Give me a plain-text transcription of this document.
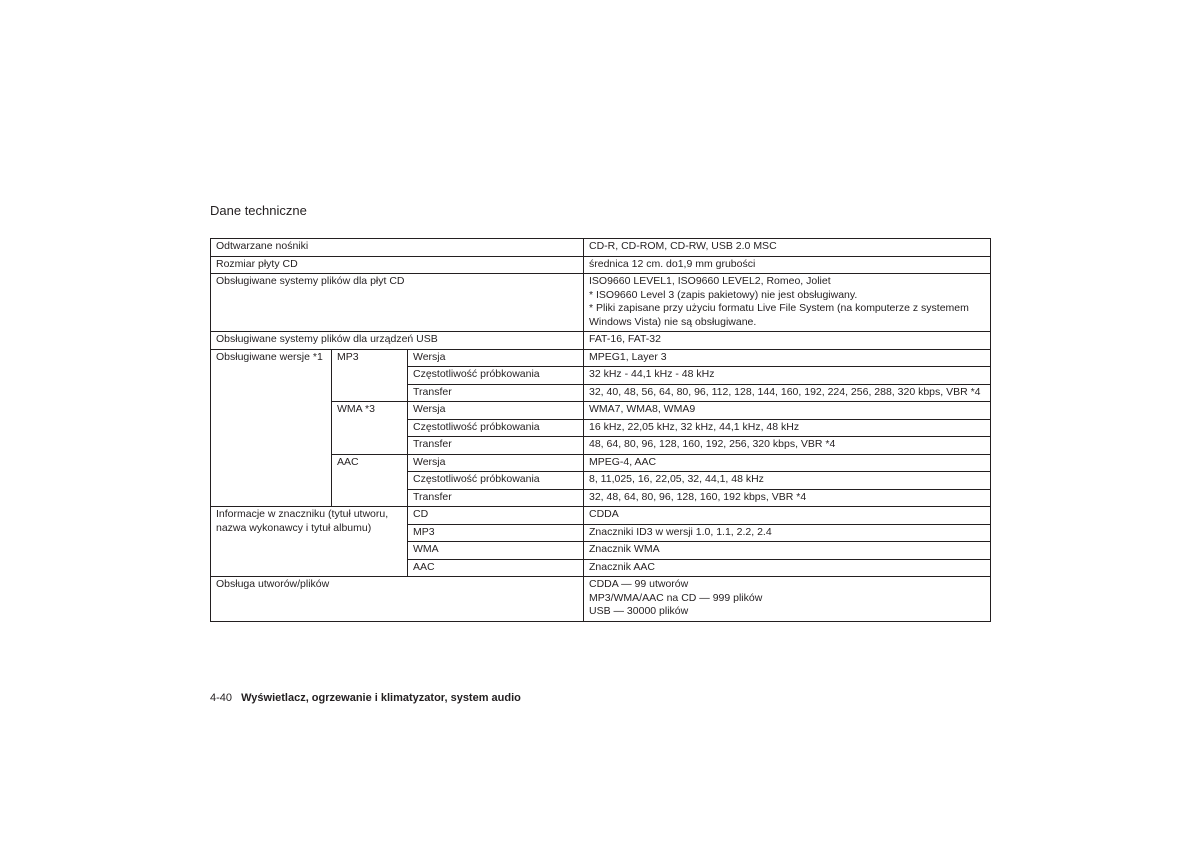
Dane techniczne
Odtwarzane nośniki			CD-R, CD-ROM, CD-RW, USB 2.0 MSC
Rozmiar płyty CD			średnica 12 cm. do1,9 mm grubości
Obsługiwane systemy plików dla płyt CD			ISO9660 LEVEL1, ISO9660 LEVEL2, Romeo, Joliet
* ISO9660 Level 3 (zapis pakietowy) nie jest obsługiwany.
* Pliki zapisane przy użyciu formatu Live File System (na komputerze z systemem Windows Vista) nie są obsługiwane.

Obsługiwane systemy plików dla urządzeń USB			FAT-16, FAT-32
Obsługiwane wersje *1	MP3	Wersja	MPEG1, Layer 3
		Częstotliwość próbkowania	32 kHz - 44,1 kHz - 48 kHz
		Transfer	32, 40, 48, 56, 64, 80, 96, 112, 128, 144, 160, 192, 224, 256, 288, 320 kbps, VBR *4
	WMA *3	Wersja	WMA7, WMA8, WMA9
		Częstotliwość próbkowania	16 kHz, 22,05 kHz, 32 kHz, 44,1 kHz, 48 kHz
		Transfer	48, 64, 80, 96, 128, 160, 192, 256, 320 kbps, VBR *4
	AAC	Wersja	MPEG-4, AAC
		Częstotliwość próbkowania	8, 11,025, 16, 22,05, 32, 44,1, 48 kHz
		Transfer	32, 48, 64, 80, 96, 128, 160, 192 kbps, VBR *4
Informacje w znaczniku (tytuł utworu, nazwa wykonawcy i tytuł albumu)		CD	CDDA
		MP3	Znaczniki ID3 w wersji 1.0, 1.1, 2.2, 2.4
		WMA	Znacznik WMA
		AAC	Znacznik AAC
Obsługa utworów/plików			CDDA — 99 utworów
MP3/WMA/AAC na CD — 999 plików
USB — 30000 plików
4-40 Wyświetlacz, ogrzewanie i klimatyzator, system audio
